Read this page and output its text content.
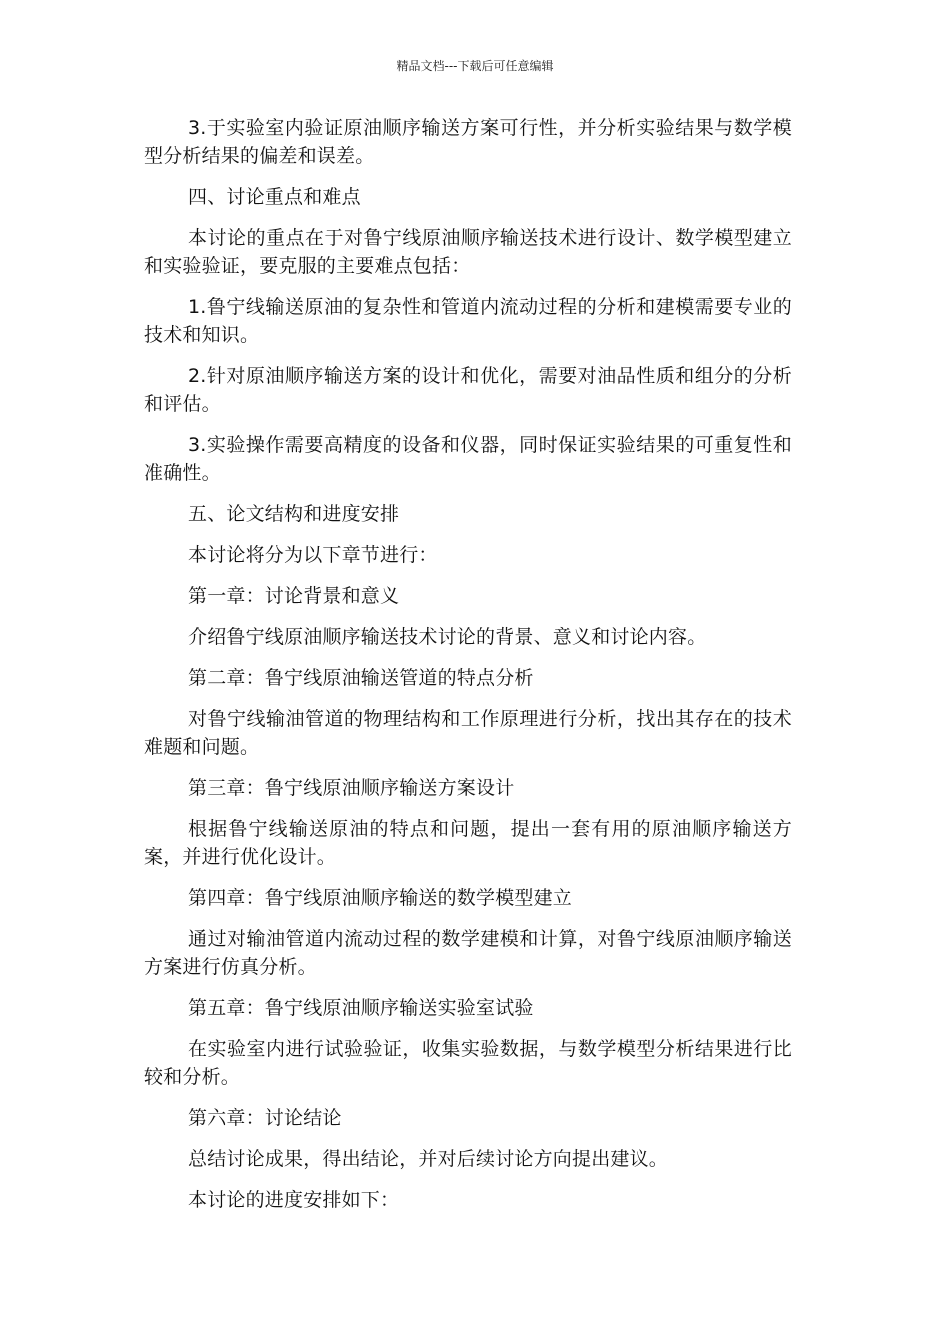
精品文档---下载后可任意编辑

3.于实验室内验证原油顺序输送方案可行性，并分析实验结果与数学模型分析结果的偏差和误差。

四、讨论重点和难点

本讨论的重点在于对鲁宁线原油顺序输送技术进行设计、数学模型建立和实验验证，要克服的主要难点包括：

1.鲁宁线输送原油的复杂性和管道内流动过程的分析和建模需要专业的技术和知识。

2.针对原油顺序输送方案的设计和优化，需要对油品性质和组分的分析和评估。

3.实验操作需要高精度的设备和仪器，同时保证实验结果的可重复性和准确性。

五、论文结构和进度安排

本讨论将分为以下章节进行：

第一章：讨论背景和意义

介绍鲁宁线原油顺序输送技术讨论的背景、意义和讨论内容。

第二章：鲁宁线原油输送管道的特点分析

对鲁宁线输油管道的物理结构和工作原理进行分析，找出其存在的技术难题和问题。

第三章：鲁宁线原油顺序输送方案设计

根据鲁宁线输送原油的特点和问题，提出一套有用的原油顺序输送方案，并进行优化设计。

第四章：鲁宁线原油顺序输送的数学模型建立

通过对输油管道内流动过程的数学建模和计算，对鲁宁线原油顺序输送方案进行仿真分析。

第五章：鲁宁线原油顺序输送实验室试验

在实验室内进行试验验证，收集实验数据，与数学模型分析结果进行比较和分析。

第六章：讨论结论

总结讨论成果，得出结论，并对后续讨论方向提出建议。

本讨论的进度安排如下：
